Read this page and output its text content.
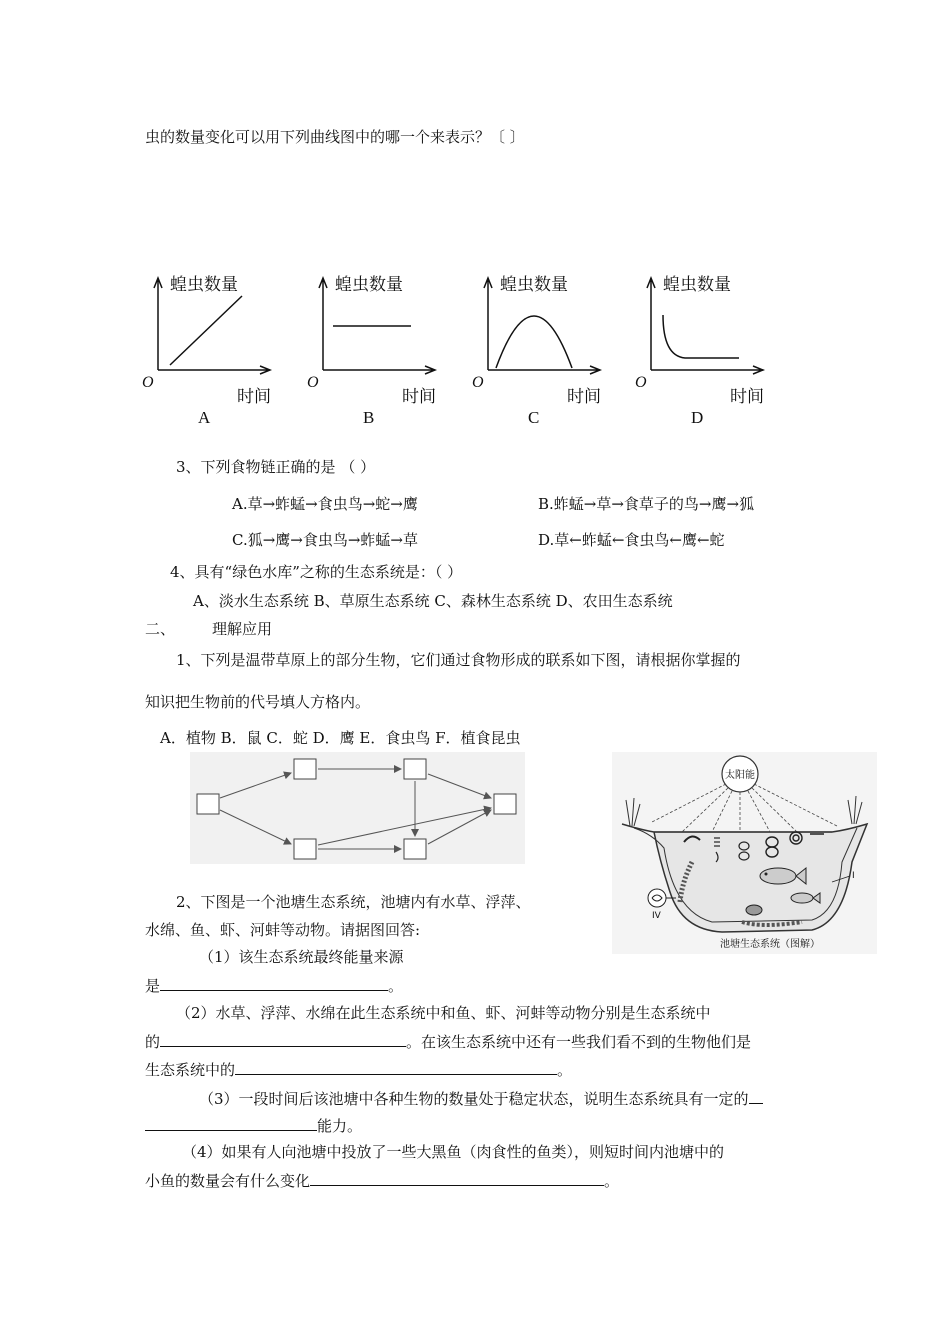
虫的数量变化可以用下列曲线图中的哪一个来表示？〔 〕
蝗虫数量
时间
O
A
蝗虫数量
时间
O
B
蝗虫数量
时间
O
C
蝗虫数量
时间
O
D
3、下列食物链正确的是 （ ）
A.草→蚱蜢→食虫鸟→蛇→鹰	B.蚱蜢→草→食草子的鸟→鹰→狐
C.狐→鹰→食虫鸟→蚱蜢→草	D.草←蚱蜢←食虫鸟←鹰←蛇
4、具有“绿色水库”之称的生态系统是：（ ）
A、淡水生态系统 B、草原生态系统 C、森林生态系统 D、农田生态系统
二、 理解应用
1、下列是温带草原上的部分生物，它们通过食物形成的联系如下图，请根据你掌握的
知识把生物前的代号填人方格内。
A．植物 B．鼠 C．蛇 D．鹰 E．食虫鸟 F．植食昆虫
太阳能
IV
I
池塘生态系统（图解）
2、下图是一个池塘生态系统，池塘内有水草、浮萍、
水绵、鱼、虾、河蚌等动物。请据图回答:
（1）该生态系统最终能量来源
是	。
（2）水草、浮萍、水绵在此生态系统中和鱼、虾、河蚌等动物分别是生态系统中
的	。在该生态系统中还有一些我们看不到的生物他们是
生态系统中的	。
（3）一段时间后该池塘中各种生物的数量处于稳定状态，说明生态系统具有一定的
能力。
（4）如果有人向池塘中投放了一些大黑鱼（肉食性的鱼类），则短时间内池塘中的
小鱼的数量会有什么变化	。
